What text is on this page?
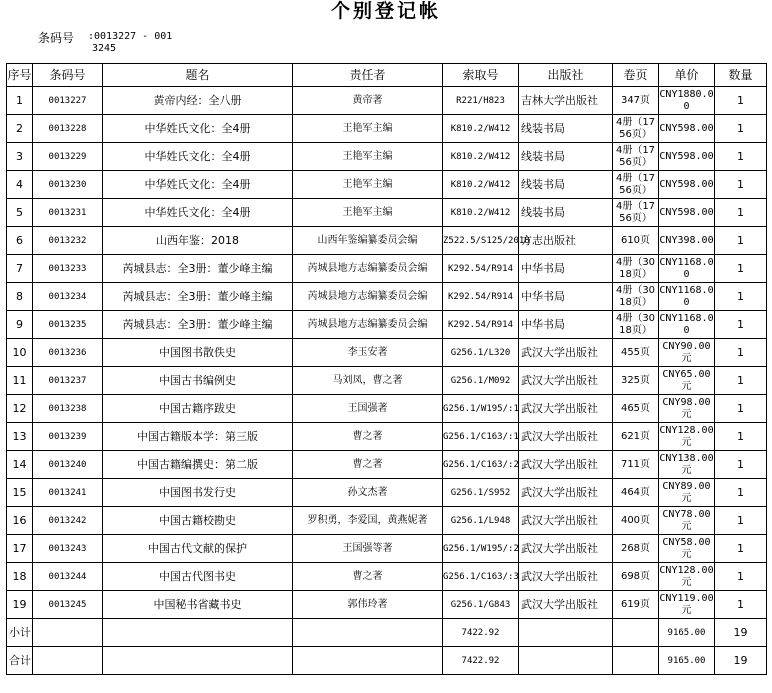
个别登记帐
条码号 :0013227 - 001
3245
序号	条码号	题名	责任者	索取号	出版社	卷页	单价	数量
1	0013227	黄帝内经：全八册	黄帝著	R221/H823	吉林大学出版社	347页	CNY1880.00	1
2	0013228	中华姓氏文化：全4册	王艳军主编	K810.2/W412	线装书局	4册（1756页）	CNY598.00	1
3	0013229	中华姓氏文化：全4册	王艳军主编	K810.2/W412	线装书局	4册（1756页）	CNY598.00	1
4	0013230	中华姓氏文化：全4册	王艳军主编	K810.2/W412	线装书局	4册（1756页）	CNY598.00	1
5	0013231	中华姓氏文化：全4册	王艳军主编	K810.2/W412	线装书局	4册（1756页）	CNY598.00	1
6	0013232	山西年鉴：2018	山西年鉴编纂委员会编	Z522.5/S125/2018	方志出版社	610页	CNY398.00	1
7	0013233	芮城县志：全3册：董少峰主编	芮城县地方志编纂委员会编	K292.54/R914	中华书局	4册（3018页）	CNY1168.00	1
8	0013234	芮城县志：全3册：董少峰主编	芮城县地方志编纂委员会编	K292.54/R914	中华书局	4册（3018页）	CNY1168.00	1
9	0013235	芮城县志：全3册：董少峰主编	芮城县地方志编纂委员会编	K292.54/R914	中华书局	4册（3018页）	CNY1168.00	1
10	0013236	中国图书散佚史	李玉安著	G256.1/L320	武汉大学出版社	455页	CNY90.00元	1
11	0013237	中国古书编例史	马刘凤，曹之著	G256.1/M092	武汉大学出版社	325页	CNY65.00元	1
12	0013238	中国古籍序跋史	王国强著	G256.1/W195/:1	武汉大学出版社	465页	CNY98.00元	1
13	0013239	中国古籍版本学：第三版	曹之著	G256.1/C163/:1	武汉大学出版社	621页	CNY128.00元	1
14	0013240	中国古籍编撰史：第二版	曹之著	G256.1/C163/:2	武汉大学出版社	711页	CNY138.00元	1
15	0013241	中国图书发行史	孙文杰著	G256.1/S952	武汉大学出版社	464页	CNY89.00元	1
16	0013242	中国古籍校勘史	罗积勇，李爱国，黄燕妮著	G256.1/L948	武汉大学出版社	400页	CNY78.00元	1
17	0013243	中国古代文献的保护	王国强等著	G256.1/W195/:2	武汉大学出版社	268页	CNY58.00元	1
18	0013244	中国古代图书史	曹之著	G256.1/C163/:3	武汉大学出版社	698页	CNY128.00元	1
19	0013245	中国秘书省藏书史	郭伟玲著	G256.1/G843	武汉大学出版社	619页	CNY119.00元	1
小计				7422.92			9165.00	19
合计				7422.92			9165.00	19
